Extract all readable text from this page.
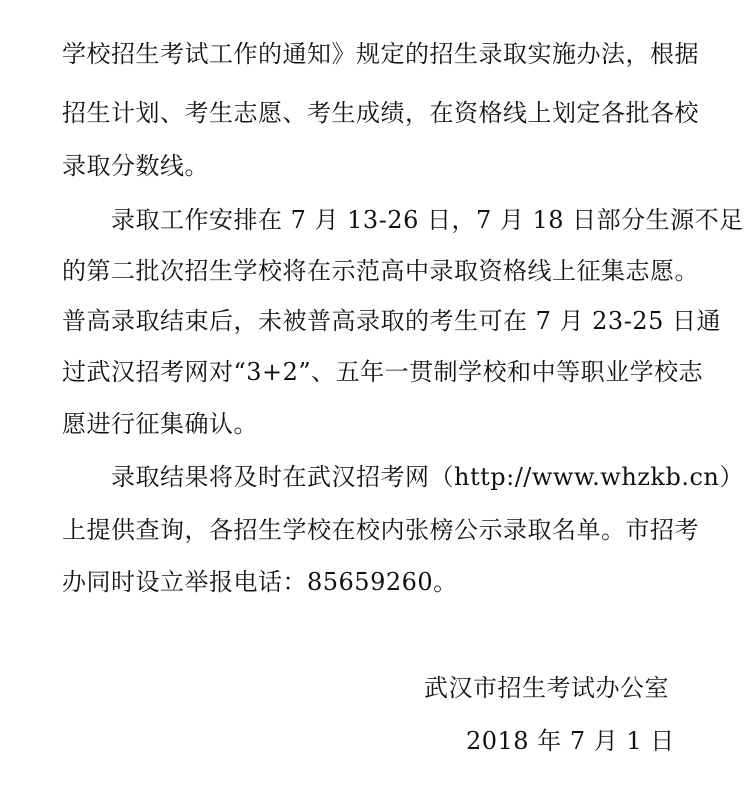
学校招生考试工作的通知》规定的招生录取实施办法，根据
招生计划、考生志愿、考生成绩，在资格线上划定各批各校
录取分数线。
　　录取工作安排在 7 月 13-26 日，7 月 18 日部分生源不足
的第二批次招生学校将在示范高中录取资格线上征集志愿。
普高录取结束后，未被普高录取的考生可在 7 月 23-25 日通
过武汉招考网对“3+2”、五年一贯制学校和中等职业学校志
愿进行征集确认。
　　录取结果将及时在武汉招考网（http://www.whzkb.cn）
上提供查询，各招生学校在校内张榜公示录取名单。市招考
办同时设立举报电话：85659260。
武汉市招生考试办公室
2018 年 7 月 1 日
